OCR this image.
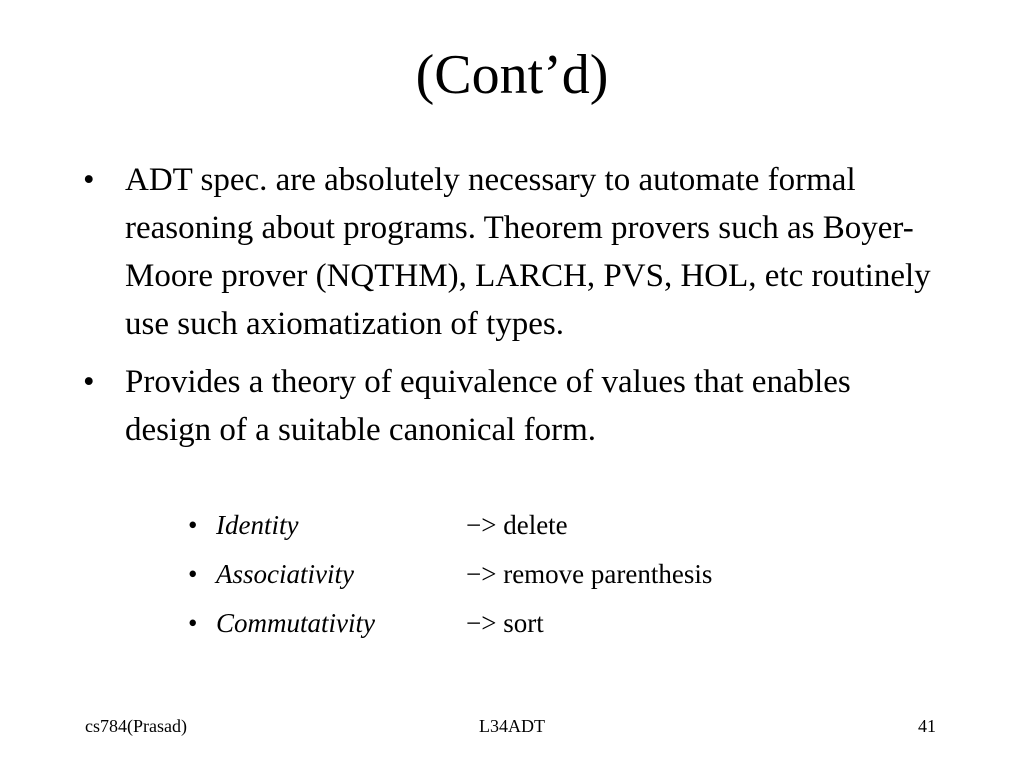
(Cont’d)
• ADT spec. are absolutely necessary to automate formal reasoning about programs. Theorem provers such as Boyer-Moore prover (NQTHM), LARCH, PVS, HOL, etc routinely use such axiomatization of types.
• Provides a theory of equivalence of values that enables design of a suitable canonical form.
• Identity	−> delete
• Associativity	−> remove parenthesis
• Commutativity	−> sort
cs784(Prasad)	L34ADT	41
